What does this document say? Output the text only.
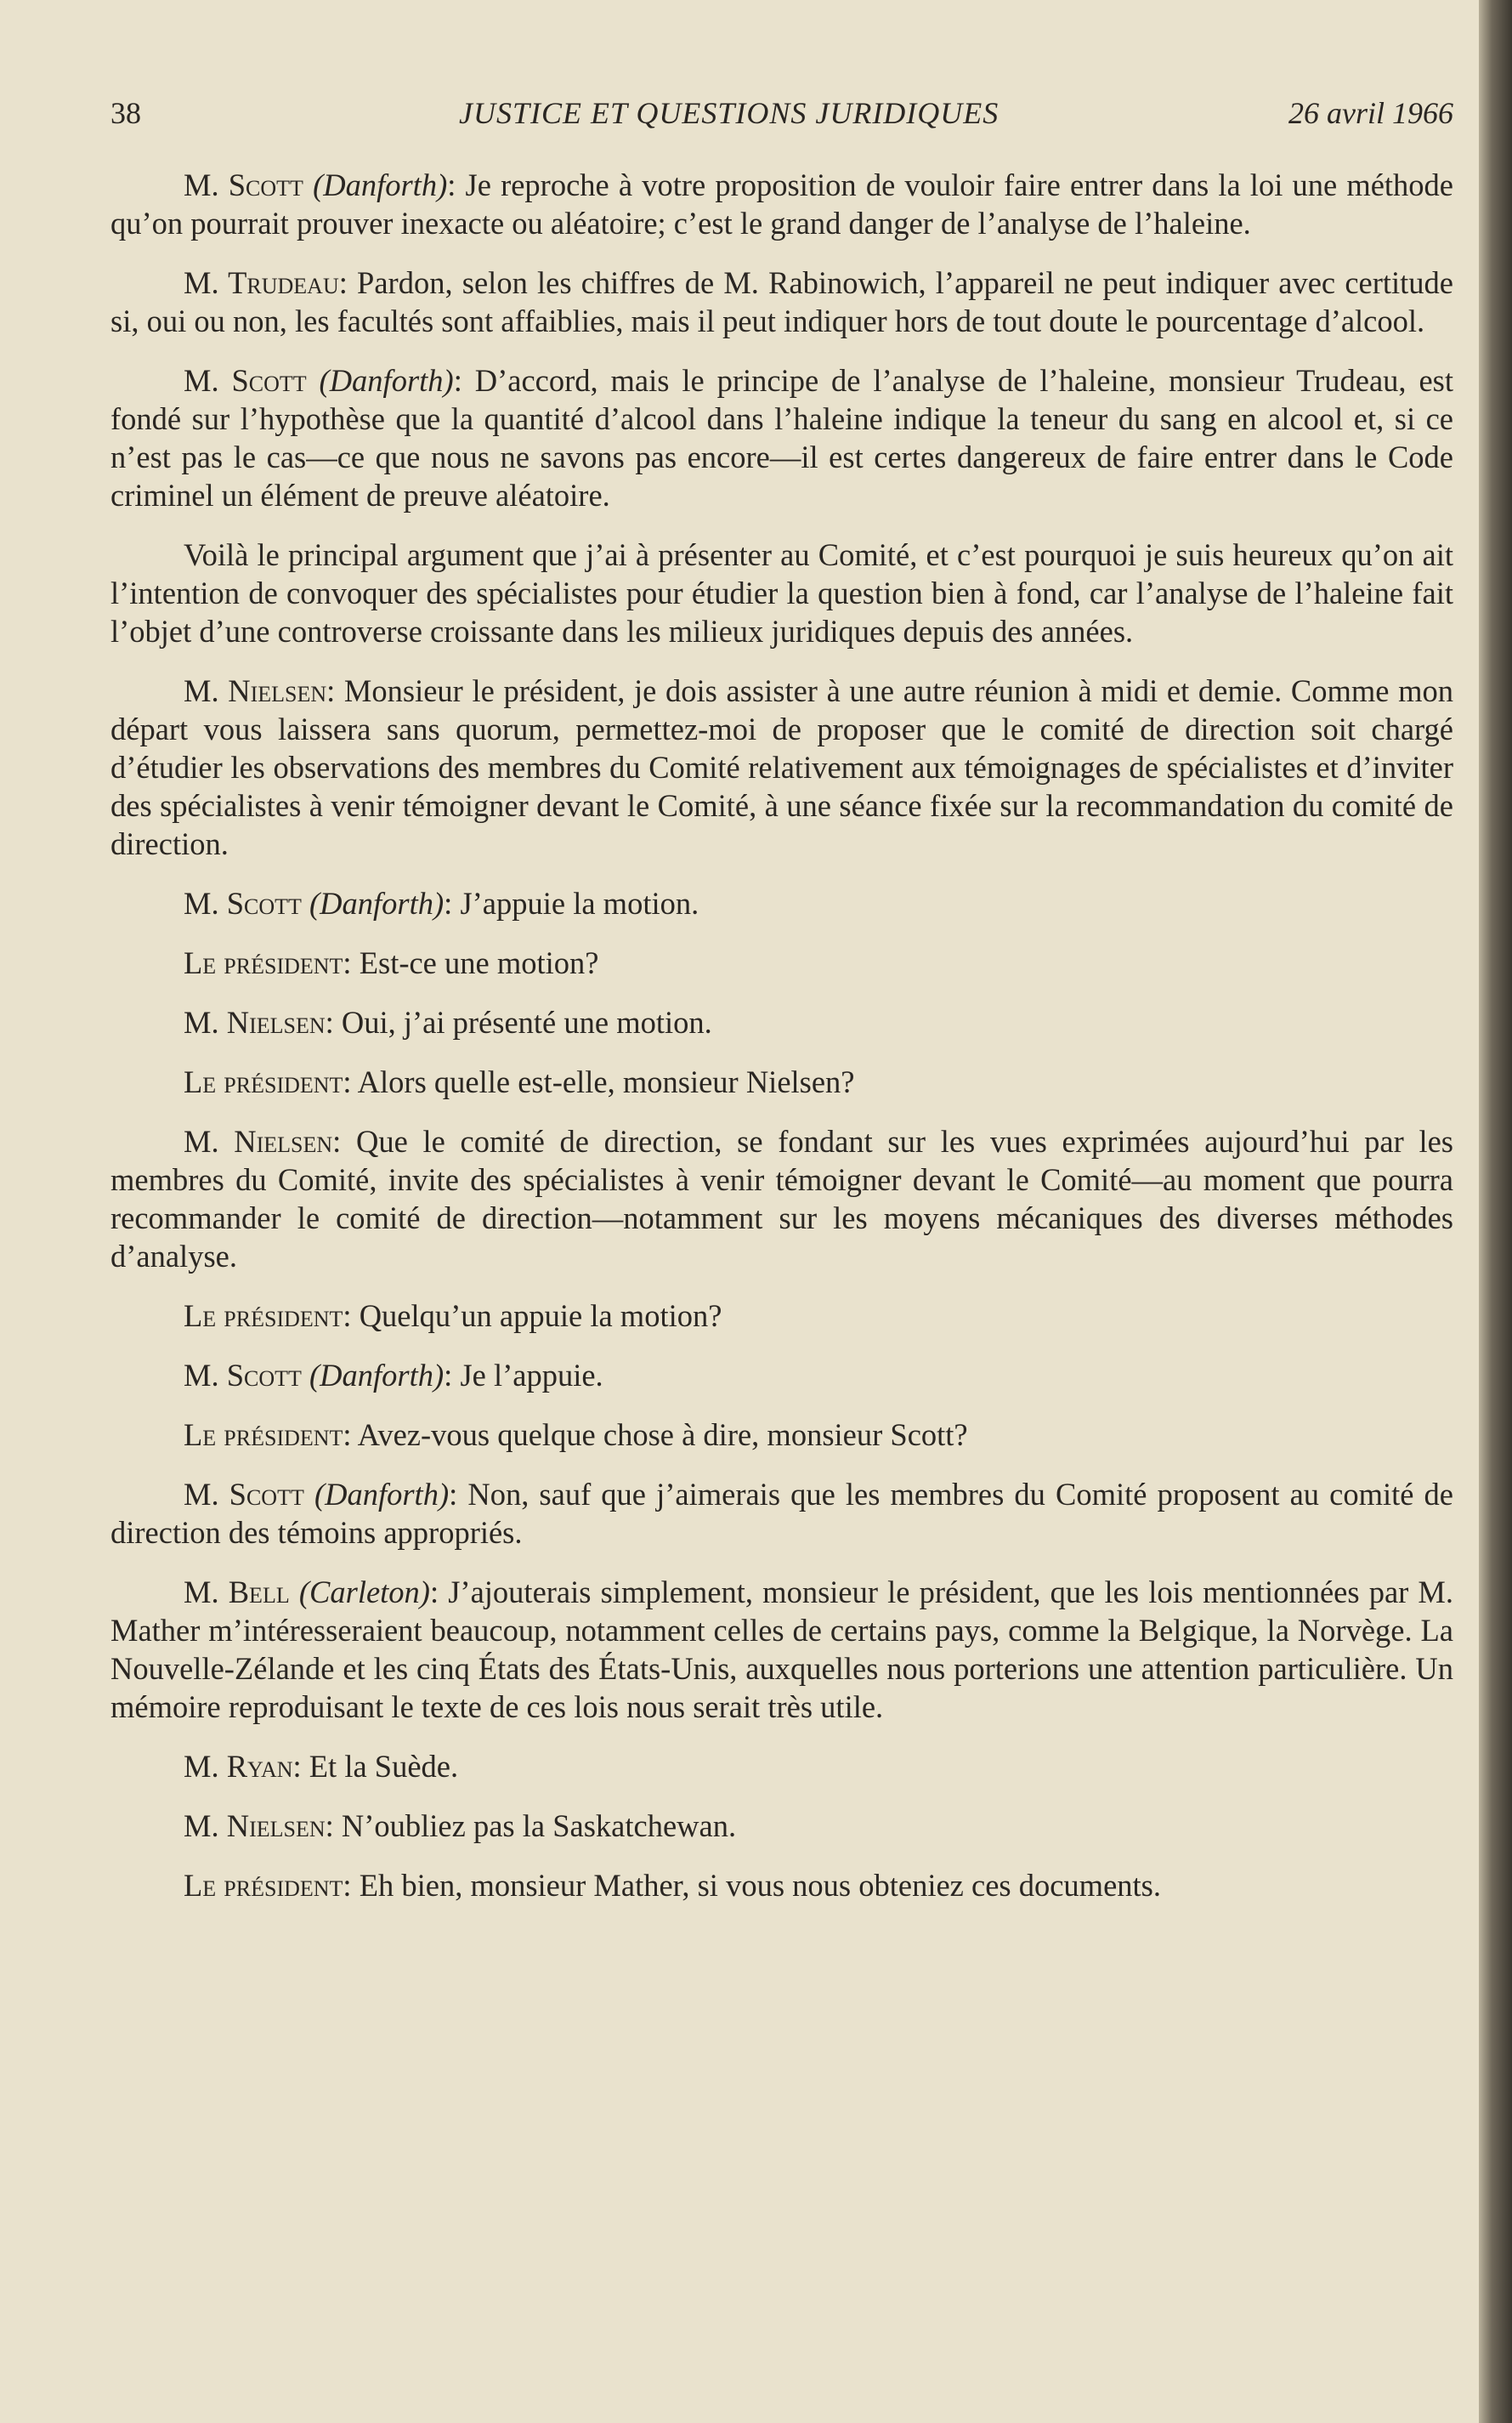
38	JUSTICE ET QUESTIONS JURIDIQUES	26 avril 1966

M. Scott (Danforth): Je reproche à votre proposition de vouloir faire entrer dans la loi une méthode qu’on pourrait prouver inexacte ou aléatoire; c’est le grand danger de l’analyse de l’haleine.

M. Trudeau: Pardon, selon les chiffres de M. Rabinowich, l’appareil ne peut indiquer avec certitude si, oui ou non, les facultés sont affaiblies, mais il peut indiquer hors de tout doute le pourcentage d’alcool.

M. Scott (Danforth): D’accord, mais le principe de l’analyse de l’haleine, monsieur Trudeau, est fondé sur l’hypothèse que la quantité d’alcool dans l’haleine indique la teneur du sang en alcool et, si ce n’est pas le cas—ce que nous ne savons pas encore—il est certes dangereux de faire entrer dans le Code criminel un élément de preuve aléatoire.

Voilà le principal argument que j’ai à présenter au Comité, et c’est pourquoi je suis heureux qu’on ait l’intention de convoquer des spécialistes pour étudier la question bien à fond, car l’analyse de l’haleine fait l’objet d’une controverse croissante dans les milieux juridiques depuis des années.

M. Nielsen: Monsieur le président, je dois assister à une autre réunion à midi et demie. Comme mon départ vous laissera sans quorum, permettez-moi de proposer que le comité de direction soit chargé d’étudier les observations des membres du Comité relativement aux témoignages de spécialistes et d’inviter des spécialistes à venir témoigner devant le Comité, à une séance fixée sur la recommandation du comité de direction.

M. Scott (Danforth): J’appuie la motion.

Le président: Est-ce une motion?

M. Nielsen: Oui, j’ai présenté une motion.

Le président: Alors quelle est-elle, monsieur Nielsen?

M. Nielsen: Que le comité de direction, se fondant sur les vues exprimées aujourd’hui par les membres du Comité, invite des spécialistes à venir témoigner devant le Comité—au moment que pourra recommander le comité de direction—notamment sur les moyens mécaniques des diverses méthodes d’analyse.

Le président: Quelqu’un appuie la motion?

M. Scott (Danforth): Je l’appuie.

Le président: Avez-vous quelque chose à dire, monsieur Scott?

M. Scott (Danforth): Non, sauf que j’aimerais que les membres du Comité proposent au comité de direction des témoins appropriés.

M. Bell (Carleton): J’ajouterais simplement, monsieur le président, que les lois mentionnées par M. Mather m’intéresseraient beaucoup, notamment celles de certains pays, comme la Belgique, la Norvège. La Nouvelle-Zélande et les cinq États des États-Unis, auxquelles nous porterions une attention particulière. Un mémoire reproduisant le texte de ces lois nous serait très utile.

M. Ryan: Et la Suède.

M. Nielsen: N’oubliez pas la Saskatchewan.

Le président: Eh bien, monsieur Mather, si vous nous obteniez ces documents.
